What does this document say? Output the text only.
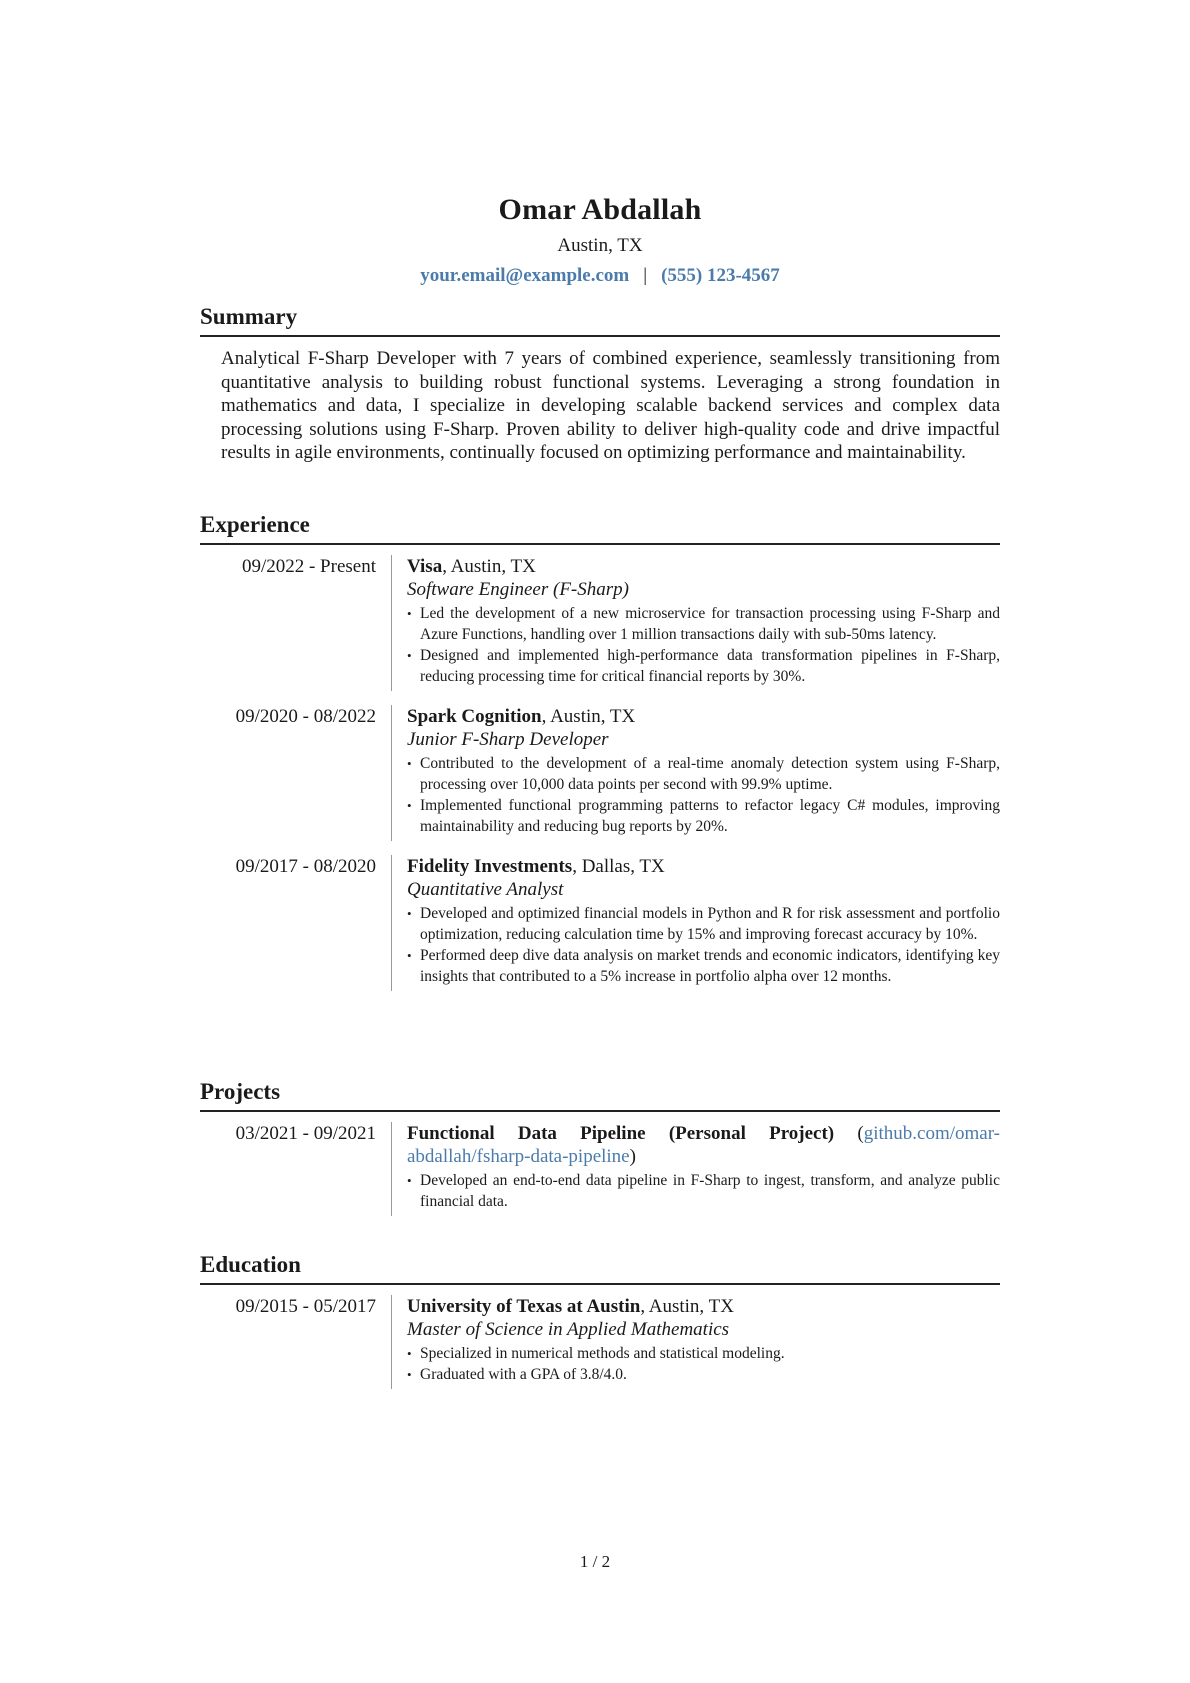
Omar Abdallah
Austin, TX
your.email@example.com | (555) 123-4567
Summary
Analytical F-Sharp Developer with 7 years of combined experience, seamlessly transitioning from quantitative analysis to building robust functional systems. Leveraging a strong foundation in mathematics and data, I specialize in developing scalable backend services and complex data processing solutions using F-Sharp. Proven ability to deliver high-quality code and drive impactful results in agile environments, continually focused on optimizing performance and maintainability.
Experience
09/2022 - Present	Visa, Austin, TX
Software Engineer (F-Sharp)
• Led the development of a new microservice for transaction processing using F-Sharp and Azure Functions, handling over 1 million transactions daily with sub-50ms latency.
• Designed and implemented high-performance data transformation pipelines in F-Sharp, reducing processing time for critical financial reports by 30%.
09/2020 - 08/2022	Spark Cognition, Austin, TX
Junior F-Sharp Developer
• Contributed to the development of a real-time anomaly detection system using F-Sharp, processing over 10,000 data points per second with 99.9% uptime.
• Implemented functional programming patterns to refactor legacy C# modules, improving maintainability and reducing bug reports by 20%.
09/2017 - 08/2020	Fidelity Investments, Dallas, TX
Quantitative Analyst
• Developed and optimized financial models in Python and R for risk assessment and portfolio optimization, reducing calculation time by 15% and improving forecast accuracy by 10%.
• Performed deep dive data analysis on market trends and economic indicators, identifying key insights that contributed to a 5% increase in portfolio alpha over 12 months.
Projects
03/2021 - 09/2021	Functional Data Pipeline (Personal Project) (github.com/omar-abdallah/fsharp-data-pipeline)
• Developed an end-to-end data pipeline in F-Sharp to ingest, transform, and analyze public financial data.
Education
09/2015 - 05/2017	University of Texas at Austin, Austin, TX
Master of Science in Applied Mathematics
• Specialized in numerical methods and statistical modeling.
• Graduated with a GPA of 3.8/4.0.
1 / 2
